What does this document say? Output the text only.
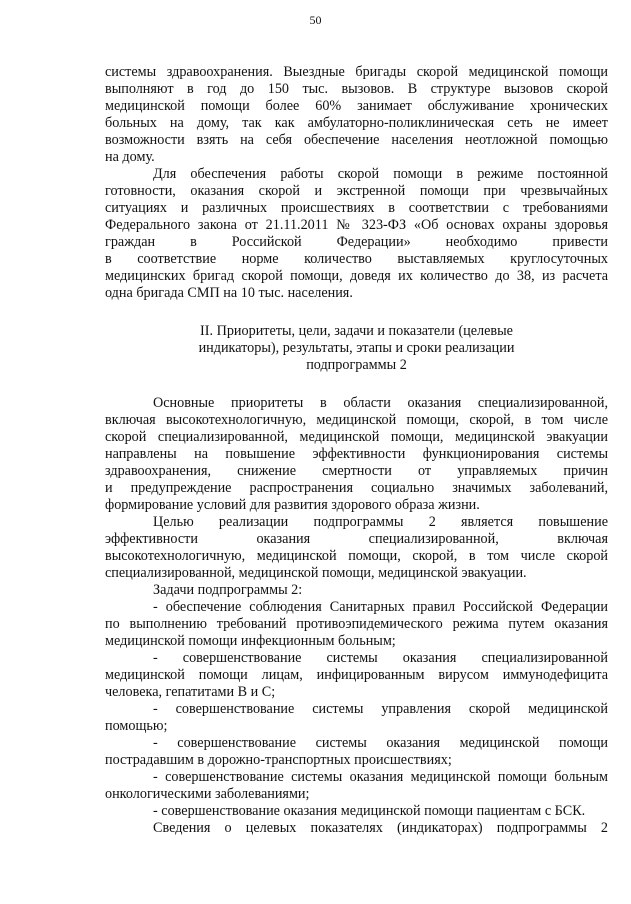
50
системы здравоохранения. Выездные бригады скорой медицинской помощи
выполняют в год до 150 тыс. вызовов. В структуре вызовов скорой
медицинской помощи более 60% занимает обслуживание хронических
больных на дому, так как амбулаторно-поликлиническая сеть не имеет
возможности взять на себя обеспечение населения неотложной помощью
на дому.
Для обеспечения работы скорой помощи в режиме постоянной
готовности, оказания скорой и экстренной помощи при чрезвычайных
ситуациях и различных происшествиях в соответствии с требованиями
Федерального закона от 21.11.2011 № 323-ФЗ «Об основах охраны здоровья
граждан в Российской Федерации» необходимо привести
в соответствие норме количество выставляемых круглосуточных
медицинских бригад скорой помощи, доведя их количество до 38, из расчета
одна бригада СМП на 10 тыс. населения.
II. Приоритеты, цели, задачи и показатели (целевые
индикаторы), результаты, этапы и сроки реализации
подпрограммы 2
Основные приоритеты в области оказания специализированной,
включая высокотехнологичную, медицинской помощи, скорой, в том числе
скорой специализированной, медицинской помощи, медицинской эвакуации
направлены на повышение эффективности функционирования системы
здравоохранения, снижение смертности от управляемых причин
и предупреждение распространения социально значимых заболеваний,
формирование условий для развития здорового образа жизни.
Целью реализации подпрограммы 2 является повышение
эффективности оказания специализированной, включая
высокотехнологичную, медицинской помощи, скорой, в том числе скорой
специализированной, медицинской помощи, медицинской эвакуации.
Задачи подпрограммы 2:
- обеспечение соблюдения Санитарных правил Российской Федерации
по выполнению требований противоэпидемического режима путем оказания
медицинской помощи инфекционным больным;
- совершенствование системы оказания специализированной
медицинской помощи лицам, инфицированным вирусом иммунодефицита
человека, гепатитами В и С;
- совершенствование системы управления скорой медицинской
помощью;
- совершенствование системы оказания медицинской помощи
пострадавшим в дорожно-транспортных происшествиях;
- совершенствование системы оказания медицинской помощи больным
онкологическими заболеваниями;
- совершенствование оказания медицинской помощи пациентам с БСК.
Сведения о целевых показателях (индикаторах) подпрограммы 2
